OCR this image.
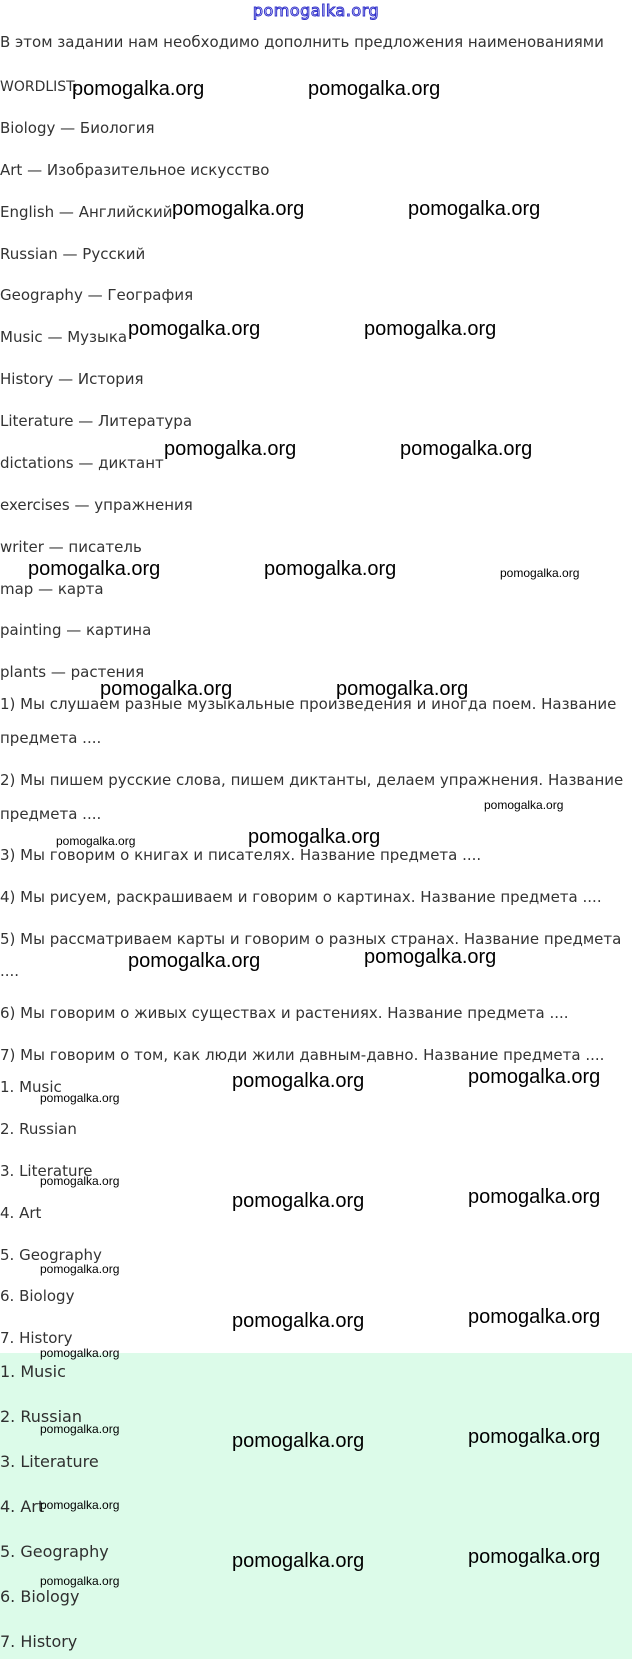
pomogalka.org
В этом задании нам необходимо дополнить предложения наименованиями
WORDLIST:
Biology — Биология
Art — Изобразительное искусство
English — Английский
Russian — Русский
Geography — География
Music — Музыка
History — История
Literature — Литература
dictations — диктант
exercises — упражнения
writer — писатель
map — карта
painting — картина
plants — растения
1) Мы слушаем разные музыкальные произведения и иногда поем. Название
предмета ....
2) Мы пишем русские слова, пишем диктанты, делаем упражнения. Название
предмета ....
3) Мы говорим о книгах и писателях. Название предмета ....
4) Мы рисуем, раскрашиваем и говорим о картинах. Название предмета ....
5) Мы рассматриваем карты и говорим о разных странах. Название предмета
....
6) Мы говорим о живых существах и растениях. Название предмета ....
7) Мы говорим о том, как люди жили давным-давно. Название предмета ....
1. Music
2. Russian
3. Literature
4. Art
5. Geography
6. Biology
7. History
1. Music
2. Russian
3. Literature
4. Art
5. Geography
6. Biology
7. History
pomogalka.org	pomogalka.org
pomogalka.org	pomogalka.org
pomogalka.org	pomogalka.org
pomogalka.org	pomogalka.org
pomogalka.org	pomogalka.org
pomogalka.org	pomogalka.org
pomogalka.org
pomogalka.org	pomogalka.org
pomogalka.org	pomogalka.org
pomogalka.org	pomogalka.org
pomogalka.org	pomogalka.org
pomogalka.org	pomogalka.org
pomogalka.org	pomogalka.org
pomogalka.org
pomogalka.org
pomogalka.org
pomogalka.org
pomogalka.org
pomogalka.org
pomogalka.org
pomogalka.org
pomogalka.org
pomogalka.org
